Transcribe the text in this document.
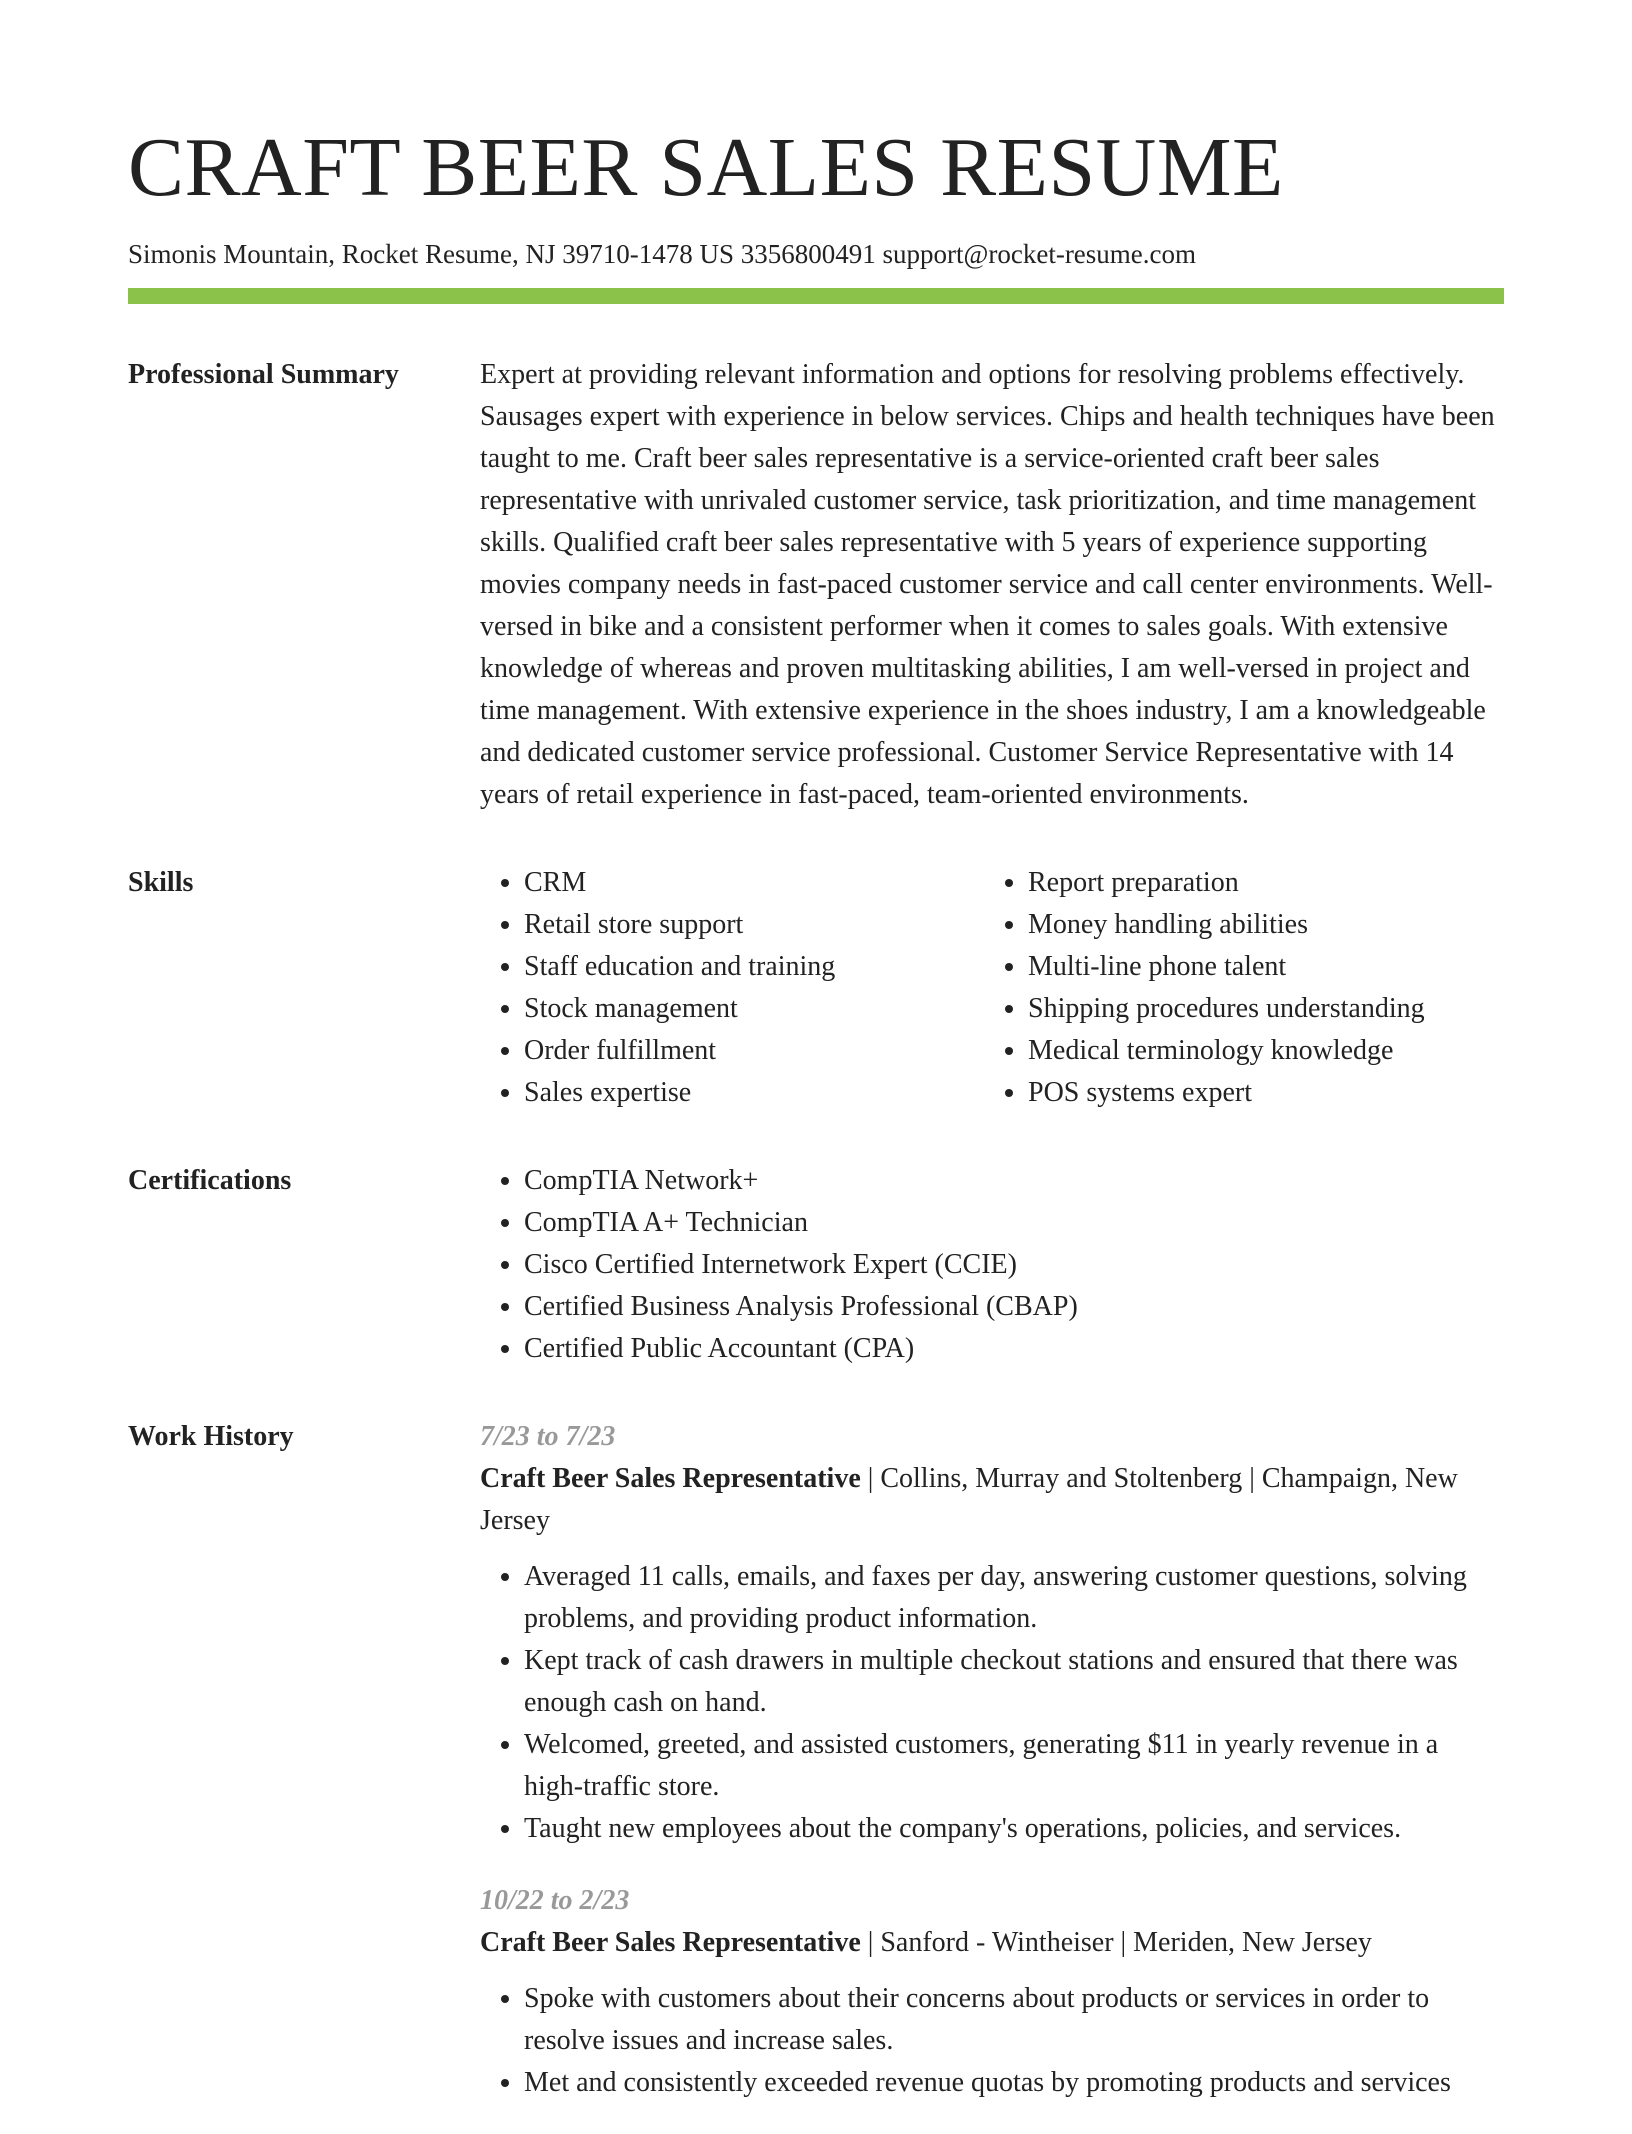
CRAFT BEER SALES RESUME
Simonis Mountain, Rocket Resume, NJ 39710-1478 US 3356800491 support@rocket-resume.com
Professional Summary	Expert at providing relevant information and options for resolving problems effectively. Sausages expert with experience in below services. Chips and health techniques have been taught to me. Craft beer sales representative is a service-oriented craft beer sales representative with unrivaled customer service, task prioritization, and time management skills. Qualified craft beer sales representative with 5 years of experience supporting movies company needs in fast-paced customer service and call center environments. Well-versed in bike and a consistent performer when it comes to sales goals. With extensive knowledge of whereas and proven multitasking abilities, I am well-versed in project and time management. With extensive experience in the shoes industry, I am a knowledgeable and dedicated customer service professional. Customer Service Representative with 14 years of retail experience in fast-paced, team-oriented environments.

Skills	• CRM
• Retail store support
• Staff education and training
• Stock management
• Order fulfillment
• Sales expertise
• Report preparation
• Money handling abilities
• Multi-line phone talent
• Shipping procedures understanding
• Medical terminology knowledge
• POS systems expert
Certifications	• CompTIA Network+
• CompTIA A+ Technician
• Cisco Certified Internetwork Expert (CCIE)
• Certified Business Analysis Professional (CBAP)
• Certified Public Accountant (CPA)
Work History	7/23 to 7/23
Craft Beer Sales Representative | Collins, Murray and Stoltenberg | Champaign, New Jersey
• Averaged 11 calls, emails, and faxes per day, answering customer questions, solving problems, and providing product information.
• Kept track of cash drawers in multiple checkout stations and ensured that there was enough cash on hand.
• Welcomed, greeted, and assisted customers, generating $11 in yearly revenue in a high-traffic store.
• Taught new employees about the company's operations, policies, and services.
10/22 to 2/23
Craft Beer Sales Representative | Sanford - Wintheiser | Meriden, New Jersey
• Spoke with customers about their concerns about products or services in order to resolve issues and increase sales.
• Met and consistently exceeded revenue quotas by promoting products and services
